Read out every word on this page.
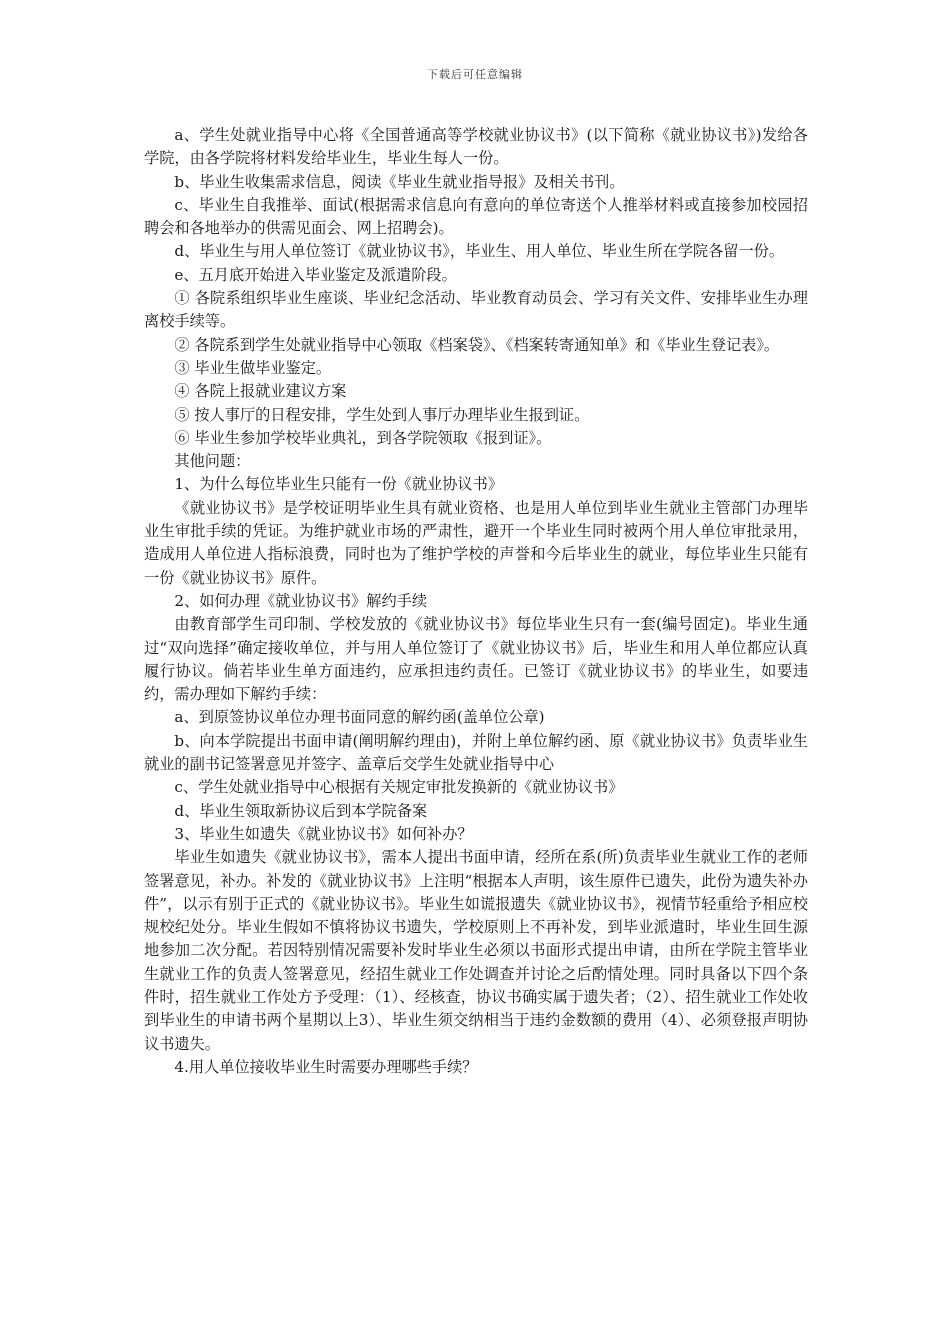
下载后可任意编辑

a、学生处就业指导中心将《全国普通高等学校就业协议书》(以下简称《就业协议书》)发给各学院，由各学院将材料发给毕业生，毕业生每人一份。

b、毕业生收集需求信息，阅读《毕业生就业指导报》及相关书刊。

c、毕业生自我推举、面试(根据需求信息向有意向的单位寄送个人推举材料或直接参加校园招聘会和各地举办的供需见面会、网上招聘会)。

d、毕业生与用人单位签订《就业协议书》，毕业生、用人单位、毕业生所在学院各留一份。

e、五月底开始进入毕业鉴定及派遣阶段。

① 各院系组织毕业生座谈、毕业纪念活动、毕业教育动员会、学习有关文件、安排毕业生办理离校手续等。

② 各院系到学生处就业指导中心领取《档案袋》、《档案转寄通知单》和《毕业生登记表》。

③ 毕业生做毕业鉴定。

④ 各院上报就业建议方案

⑤ 按人事厅的日程安排，学生处到人事厅办理毕业生报到证。

⑥ 毕业生参加学校毕业典礼，到各学院领取《报到证》。

其他问题：

1、为什么每位毕业生只能有一份《就业协议书》

《就业协议书》是学校证明毕业生具有就业资格、也是用人单位到毕业生就业主管部门办理毕业生审批手续的凭证。为维护就业市场的严肃性，避开一个毕业生同时被两个用人单位审批录用，造成用人单位进人指标浪费，同时也为了维护学校的声誉和今后毕业生的就业，每位毕业生只能有一份《就业协议书》原件。

2、如何办理《就业协议书》解约手续

由教育部学生司印制、学校发放的《就业协议书》每位毕业生只有一套(编号固定)。毕业生通过“双向选择”确定接收单位，并与用人单位签订了《就业协议书》后，毕业生和用人单位都应认真履行协议。倘若毕业生单方面违约，应承担违约责任。已签订《就业协议书》的毕业生，如要违约，需办理如下解约手续：

a、到原签协议单位办理书面同意的解约函(盖单位公章)

b、向本学院提出书面申请(阐明解约理由)，并附上单位解约函、原《就业协议书》负责毕业生就业的副书记签署意见并签字、盖章后交学生处就业指导中心

c、学生处就业指导中心根据有关规定审批发换新的《就业协议书》

d、毕业生领取新协议后到本学院备案

3、毕业生如遗失《就业协议书》如何补办？

毕业生如遗失《就业协议书》，需本人提出书面申请，经所在系(所)负责毕业生就业工作的老师签署意见，补办。补发的《就业协议书》上注明“根据本人声明，该生原件已遗失，此份为遗失补办件”，以示有别于正式的《就业协议书》。毕业生如谎报遗失《就业协议书》，视情节轻重给予相应校规校纪处分。毕业生假如不慎将协议书遗失，学校原则上不再补发，到毕业派遣时，毕业生回生源地参加二次分配。若因特别情况需要补发时毕业生必须以书面形式提出申请，由所在学院主管毕业生就业工作的负责人签署意见，经招生就业工作处调查并讨论之后酌情处理。同时具备以下四个条件时，招生就业工作处方予受理：（1）、经核查，协议书确实属于遗失者；（2）、招生就业工作处收到毕业生的申请书两个星期以上3）、毕业生须交纳相当于违约金数额的费用（4）、必须登报声明协议书遗失。

4.用人单位接收毕业生时需要办理哪些手续？
